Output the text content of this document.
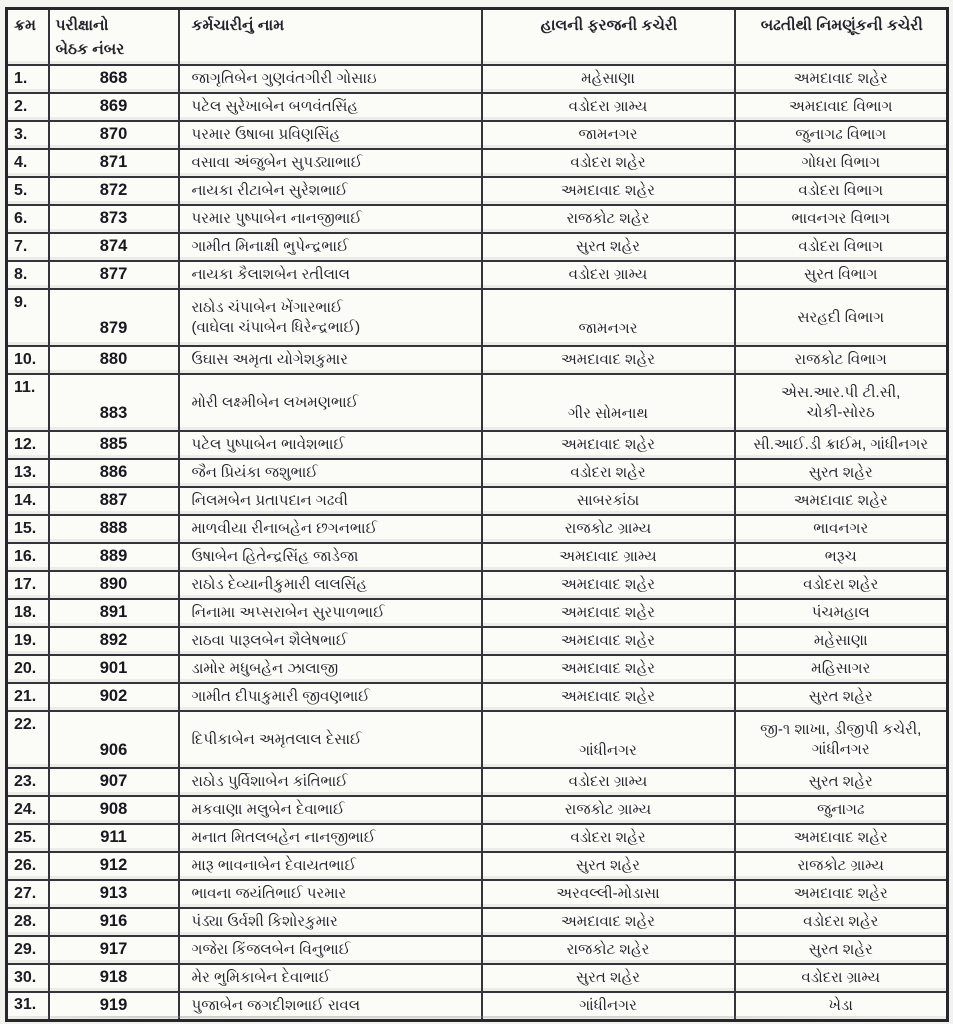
ક્રમ	પરીક્ષાનો
બેઠક નંબર	કર્મચારીનું નામ	હાલની ફરજની કચેરી	બઢતીથી નિમણૂંકની કચેરી

1.	868	જાગૃતિબેન ગુણવંતગીરી ગોસાઇ	મહેસાણા	અમદાવાદ શહેર

2.	869	પટેલ સુરેખાબેન બળવંતસિંહ	વડોદરા ગ્રામ્ય	અમદાવાદ વિભાગ

3.	870	પરમાર ઉષાબા પ્રવિણસિંહ	જામનગર	જુનાગઢ વિભાગ

4.	871	વસાવા અંજુબેન સુપડ્યાભાઈ	વડોદરા શહેર	ગોધરા વિભાગ

5.	872	નાયકા રીટાબેન સુરેશભાઈ	અમદાવાદ શહેર	વડોદરા વિભાગ

6.	873	પરમાર પુષ્પાબેન નાનજીભાઈ	રાજકોટ શહેર	ભાવનગર વિભાગ

7.	874	ગામીત મિનાક્ષી ભુપેન્દ્રભાઈ	સુરત શહેર	વડોદરા વિભાગ

8.	877	નાયકા કૈલાશબેન રતીલાલ	વડોદરા ગ્રામ્ય	સુરત વિભાગ

9.	879	રાઠોડ ચંપાબેન ખેંગારભાઈ
(વાઘેલા ચંપાબેન ધિરેન્દ્રભાઈ)	જામનગર	સરહદી વિભાગ

10.	880	ઉઘાસ અમૃતા યોગેશકુમાર	અમદાવાદ શહેર	રાજકોટ વિભાગ

11.	883	મોરી લક્ષ્મીબેન લખમણભાઈ	ગીર સોમનાથ	એસ.આર.પી ટી.સી,
ચોકી-સોરઠ

12.	885	પટેલ પુષ્પાબેન ભાવેશભાઈ	અમદાવાદ શહેર	સી.આઈ.ડી ક્રાઈમ, ગાંધીનગર

13.	886	જૈન પ્રિયંકા જશુભાઈ	વડોદરા શહેર	સુરત શહેર

14.	887	નિલમબેન પ્રતાપદાન ગઢવી	સાબરકાંઠા	અમદાવાદ શહેર

15.	888	માળવીયા રીનાબહેન છગનભાઈ	રાજકોટ ગ્રામ્ય	ભાવનગર

16.	889	ઉષાબેન હિતેન્દ્રસિંહ જાડેજા	અમદાવાદ ગ્રામ્ય	ભરૂચ

17.	890	રાઠોડ દેવ્યાનીકુમારી લાલસિંહ	અમદાવાદ શહેર	વડોદરા શહેર

18.	891	નિનામા અપ્સરાબેન સુરપાળભાઈ	અમદાવાદ શહેર	પંચમહાલ

19.	892	રાઠવા પારૂલબેન શૈલેષભાઈ	અમદાવાદ શહેર	મહેસાણા

20.	901	ડામોર મધુબહેન ઝાલાજી	અમદાવાદ શહેર	મહિસાગર

21.	902	ગામીત દીપાકુમારી જીવણભાઈ	અમદાવાદ શહેર	સુરત શહેર

22.	906	દિપીકાબેન અમૃતલાલ દેસાઈ	ગાંધીનગર	જી-૧ શાખા, ડીજીપી કચેરી,
ગાંધીનગર

23.	907	રાઠોડ પુર્વિશાબેન કાંતિભાઈ	વડોદરા ગ્રામ્ય	સુરત શહેર

24.	908	મકવાણા મલુબેન દેવાભાઈ	રાજકોટ ગ્રામ્ય	જુનાગઢ

25.	911	મનાત મિતલબહેન નાનજીભાઈ	વડોદરા શહેર	અમદાવાદ શહેર

26.	912	મારૂ ભાવનાબેન દેવાયતભાઈ	સુરત શહેર	રાજકોટ ગ્રામ્ય

27.	913	ભાવના જયંતિભાઈ પરમાર	અરવલ્લી-મોડાસા	અમદાવાદ શહેર

28.	916	પંડ્યા ઉર્વશી કિશોરકુમાર	અમદાવાદ શહેર	વડોદરા શહેર

29.	917	ગજેરા કિંજલબેન વિનુભાઈ	રાજકોટ શહેર	સુરત શહેર

30.	918	મેર ભુમિકાબેન દેવાભાઈ	સુરત શહેર	વડોદરા ગ્રામ્ય

31.	919	પુજાબેન જગદીશભાઈ રાવલ	ગાંધીનગર	ખેડા
